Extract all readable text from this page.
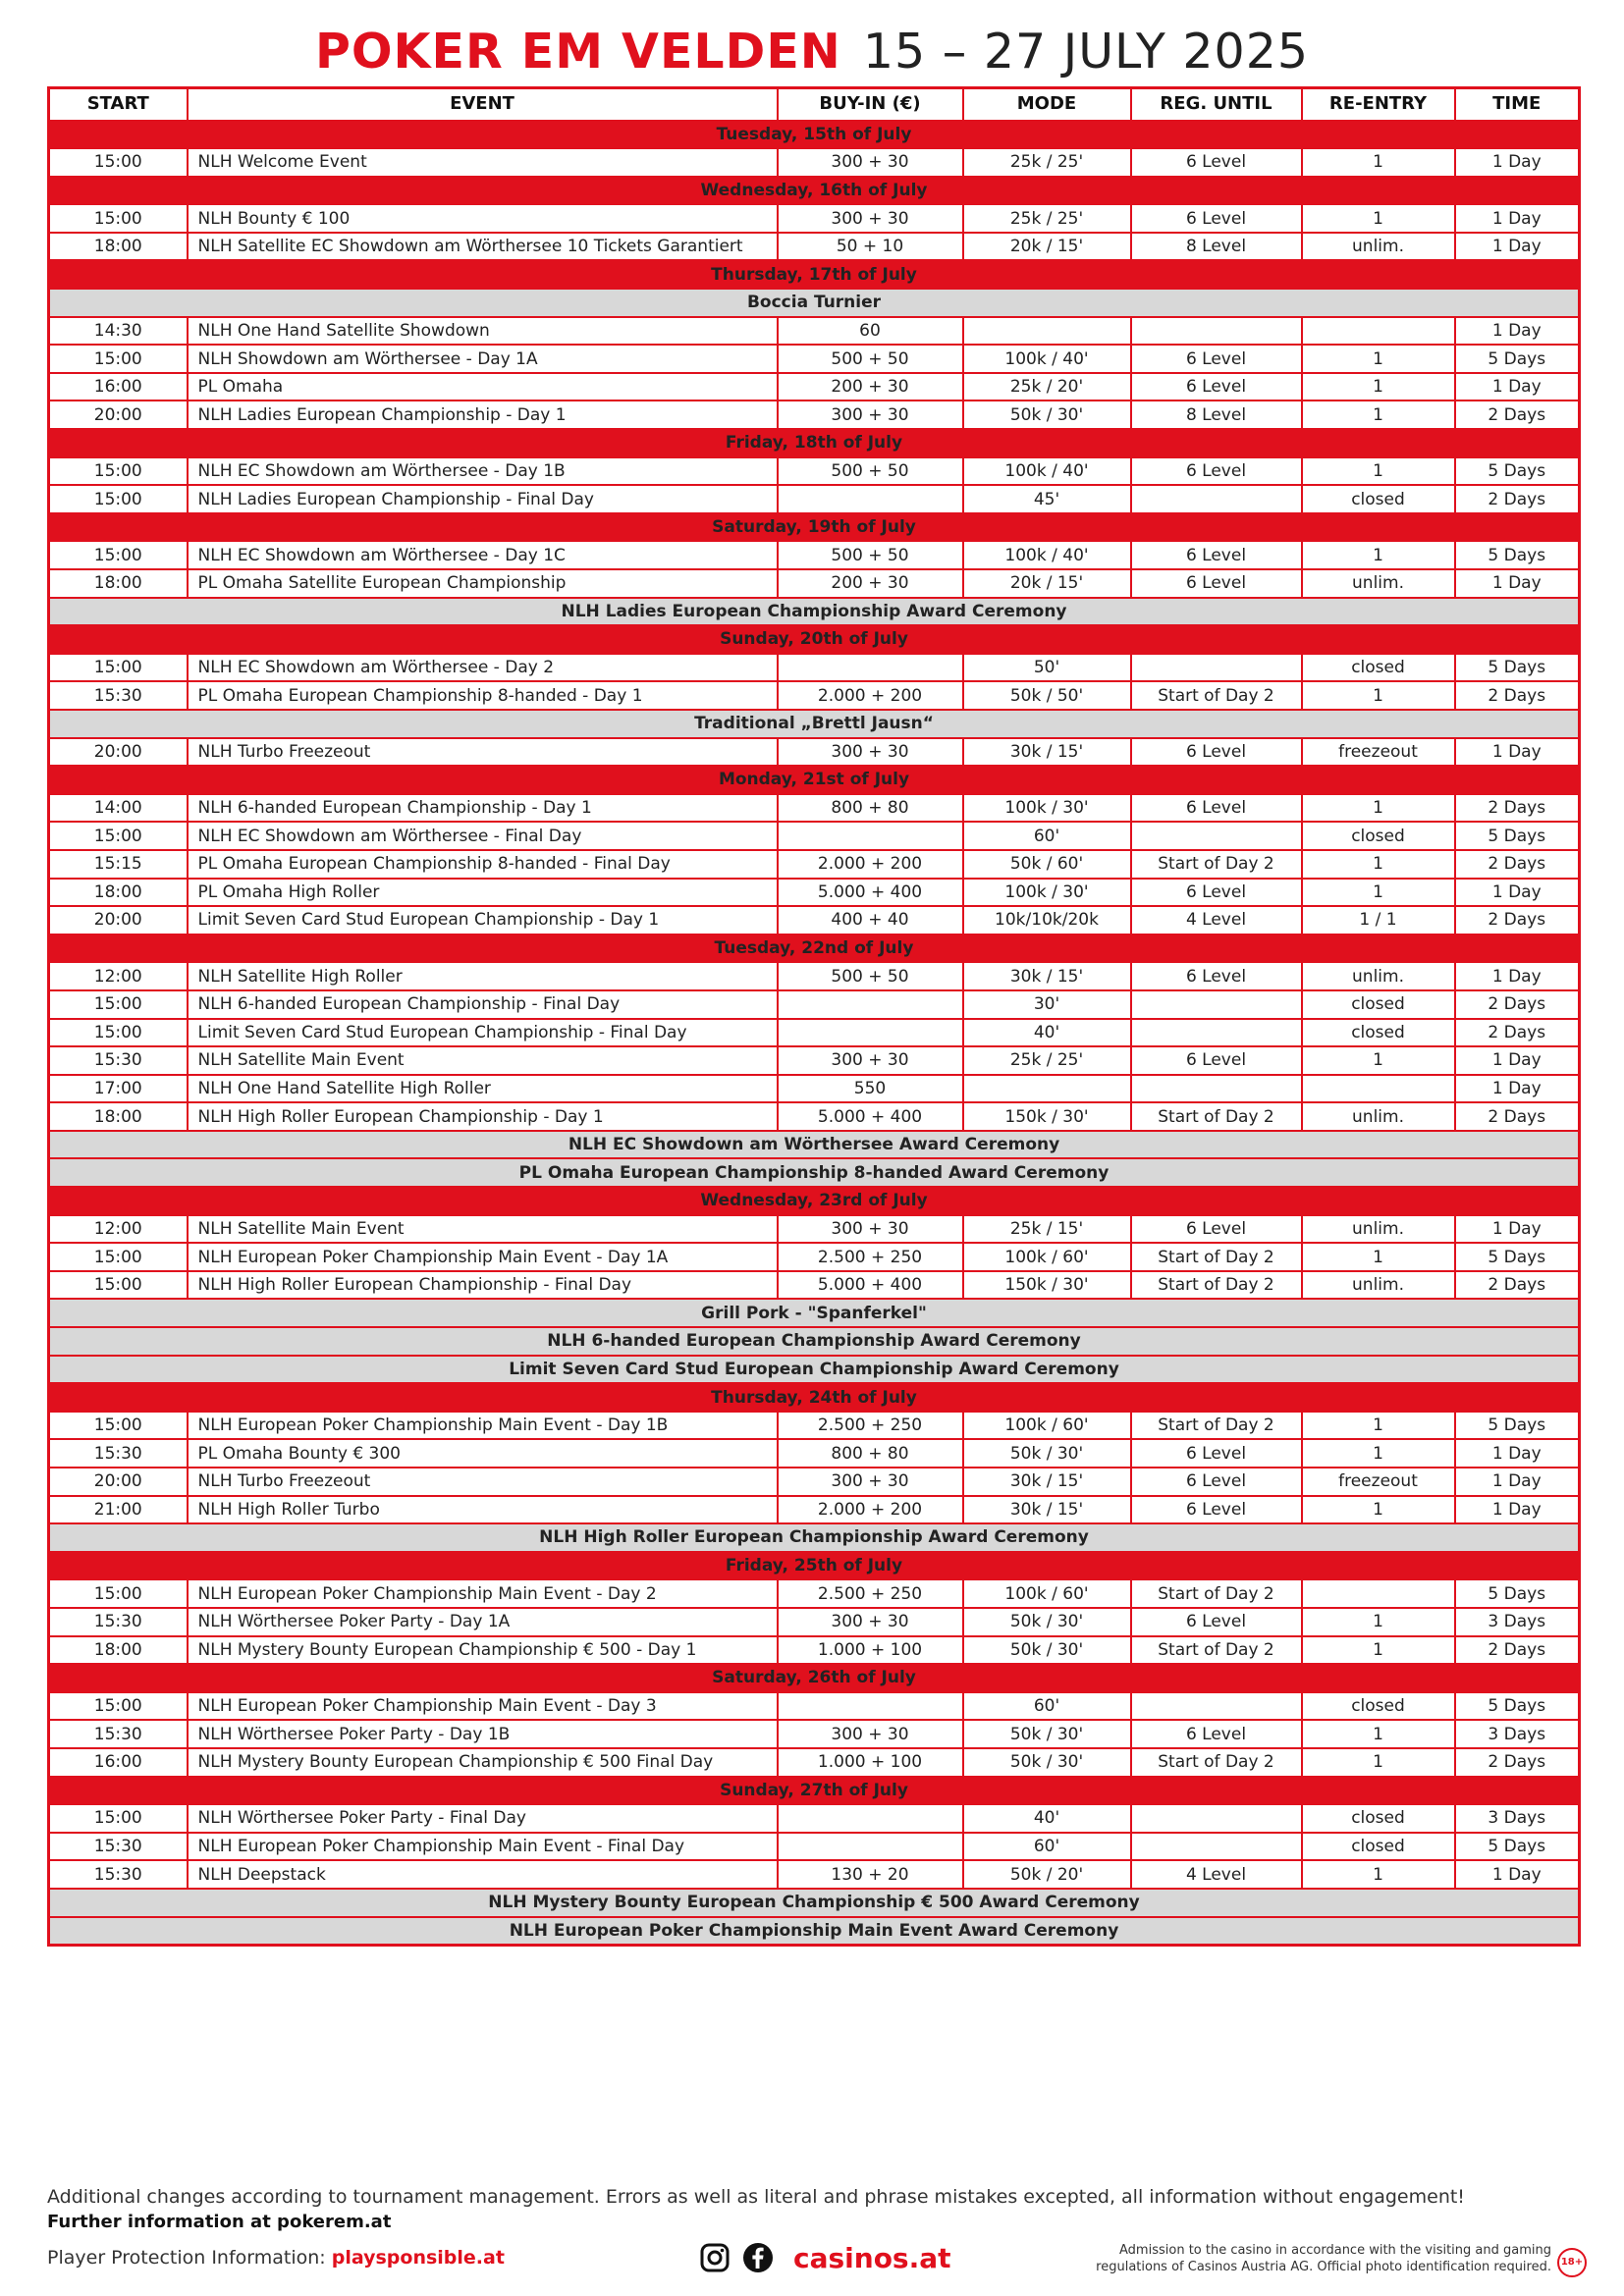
POKER EM VELDEN 15 – 27 JULY 2025
START	EVENT	BUY-IN (€)	MODE	REG. UNTIL	RE-ENTRY	TIME
Tuesday, 15th of July						
15:00	NLH Welcome Event	300 + 30	25k / 25'	6 Level	1	1 Day
Wednesday, 16th of July						
15:00	NLH Bounty € 100	300 + 30	25k / 25'	6 Level	1	1 Day
18:00	NLH Satellite EC Showdown am Wörthersee 10 Tickets Garantiert	50 + 10	20k / 15'	8 Level	unlim.	1 Day
Thursday, 17th of July						
Boccia Turnier						
14:30	NLH One Hand Satellite Showdown	60				1 Day
15:00	NLH Showdown am Wörthersee - Day 1A	500 + 50	100k / 40'	6 Level	1	5 Days
16:00	PL Omaha	200 + 30	25k / 20'	6 Level	1	1 Day
20:00	NLH Ladies European Championship - Day 1	300 + 30	50k / 30'	8 Level	1	2 Days
Friday, 18th of July						
15:00	NLH EC Showdown am Wörthersee - Day 1B	500 + 50	100k / 40'	6 Level	1	5 Days
15:00	NLH Ladies European Championship - Final Day		45'		closed	2 Days
Saturday, 19th of July						
15:00	NLH EC Showdown am Wörthersee - Day 1C	500 + 50	100k / 40'	6 Level	1	5 Days
18:00	PL Omaha Satellite European Championship	200 + 30	20k / 15'	6 Level	unlim.	1 Day
NLH Ladies European Championship Award Ceremony						
Sunday, 20th of July						
15:00	NLH EC Showdown am Wörthersee - Day 2		50'		closed	5 Days
15:30	PL Omaha European Championship 8-handed - Day 1	2.000 + 200	50k / 50'	Start of Day 2	1	2 Days
Traditional „Brettl Jausn“						
20:00	NLH Turbo Freezeout	300 + 30	30k / 15'	6 Level	freezeout	1 Day
Monday, 21st of July						
14:00	NLH 6-handed European Championship - Day 1	800 + 80	100k / 30'	6 Level	1	2 Days
15:00	NLH EC Showdown am Wörthersee - Final Day		60'		closed	5 Days
15:15	PL Omaha European Championship 8-handed - Final Day	2.000 + 200	50k / 60'	Start of Day 2	1	2 Days
18:00	PL Omaha High Roller	5.000 + 400	100k / 30'	6 Level	1	1 Day
20:00	Limit Seven Card Stud European Championship - Day 1	400 + 40	10k/10k/20k	4 Level	1 / 1	2 Days
Tuesday, 22nd of July						
12:00	NLH Satellite High Roller	500 + 50	30k / 15'	6 Level	unlim.	1 Day
15:00	NLH 6-handed European Championship - Final Day		30'		closed	2 Days
15:00	Limit Seven Card Stud European Championship - Final Day		40'		closed	2 Days
15:30	NLH Satellite Main Event	300 + 30	25k / 25'	6 Level	1	1 Day
17:00	NLH One Hand Satellite High Roller	550				1 Day
18:00	NLH High Roller European Championship - Day 1	5.000 + 400	150k / 30'	Start of Day 2	unlim.	2 Days
NLH EC Showdown am Wörthersee Award Ceremony						
PL Omaha European Championship 8-handed Award Ceremony						
Wednesday, 23rd of July						
12:00	NLH Satellite Main Event	300 + 30	25k / 15'	6 Level	unlim.	1 Day
15:00	NLH European Poker Championship Main Event - Day 1A	2.500 + 250	100k / 60'	Start of Day 2	1	5 Days
15:00	NLH High Roller European Championship - Final Day	5.000 + 400	150k / 30'	Start of Day 2	unlim.	2 Days
Grill Pork - "Spanferkel"						
NLH 6-handed European Championship Award Ceremony						
Limit Seven Card Stud European Championship Award Ceremony						
Thursday, 24th of July						
15:00	NLH European Poker Championship Main Event - Day 1B	2.500 + 250	100k / 60'	Start of Day 2	1	5 Days
15:30	PL Omaha Bounty € 300	800 + 80	50k / 30'	6 Level	1	1 Day
20:00	NLH Turbo Freezeout	300 + 30	30k / 15'	6 Level	freezeout	1 Day
21:00	NLH High Roller Turbo	2.000 + 200	30k / 15'	6 Level	1	1 Day
NLH High Roller European Championship Award Ceremony						
Friday, 25th of July						
15:00	NLH European Poker Championship Main Event - Day 2	2.500 + 250	100k / 60'	Start of Day 2		5 Days
15:30	NLH Wörthersee Poker Party - Day 1A	300 + 30	50k / 30'	6 Level	1	3 Days
18:00	NLH Mystery Bounty European Championship € 500 - Day 1	1.000 + 100	50k / 30'	Start of Day 2	1	2 Days
Saturday, 26th of July						
15:00	NLH European Poker Championship Main Event - Day 3		60'		closed	5 Days
15:30	NLH Wörthersee Poker Party - Day 1B	300 + 30	50k / 30'	6 Level	1	3 Days
16:00	NLH Mystery Bounty European Championship € 500 Final Day	1.000 + 100	50k / 30'	Start of Day 2	1	2 Days
Sunday, 27th of July						
15:00	NLH Wörthersee Poker Party - Final Day		40'		closed	3 Days
15:30	NLH European Poker Championship Main Event - Final Day		60'		closed	5 Days
15:30	NLH Deepstack	130 + 20	50k / 20'	4 Level	1	1 Day
NLH Mystery Bounty European Championship € 500 Award Ceremony						
NLH European Poker Championship Main Event Award Ceremony						
Additional changes according to tournament management. Errors as well as literal and phrase mistakes excepted, all information without engagement!
Further information at pokerem.at
Player Protection Information: playsponsible.at	casinos.at	Admission to the casino in accordance with the visiting and gaming
regulations of Casinos Austria AG. Official photo identification required. 18+
